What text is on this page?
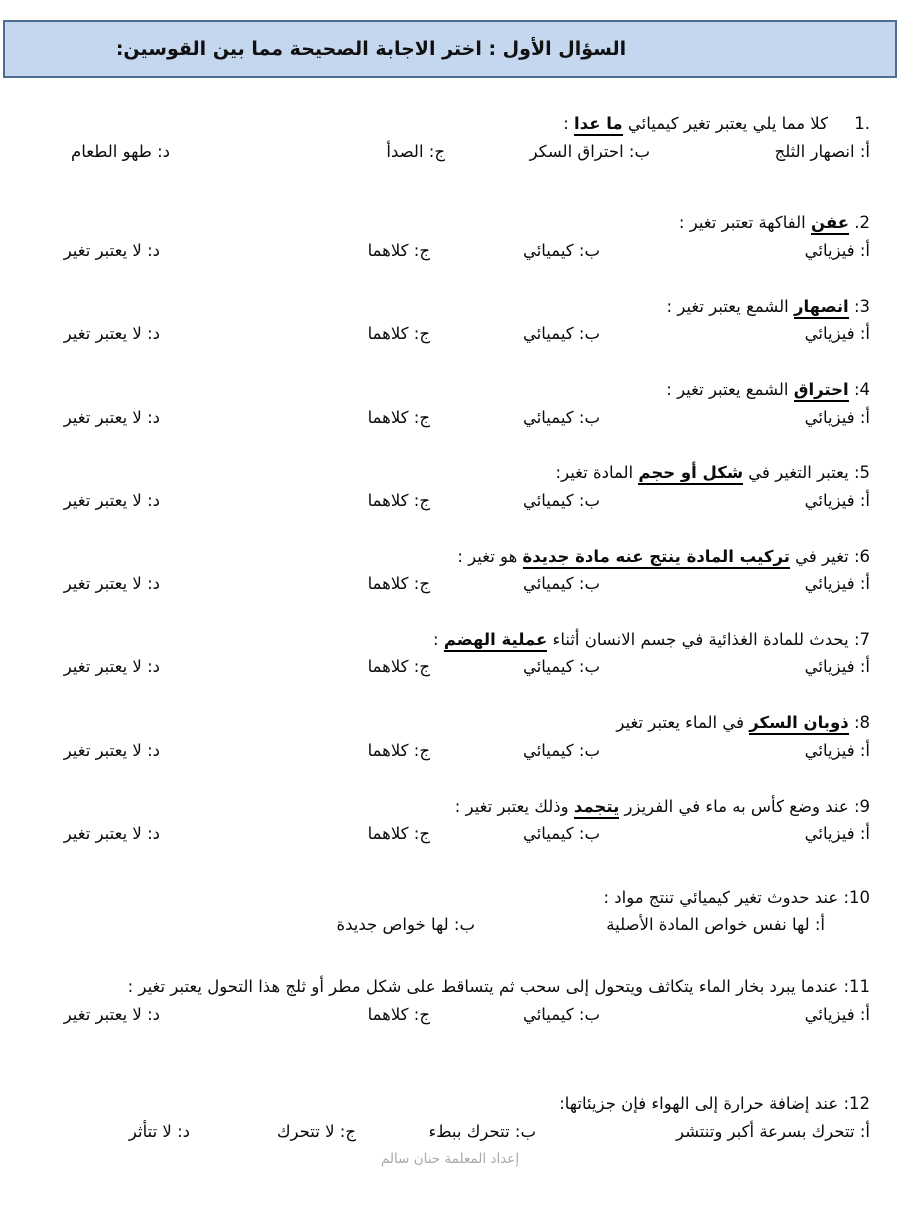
السؤال الأول : اختر الاجابة الصحيحة مما بين القوسين:

1.     كلا مما يلي يعتبر تغير كيميائي ما عدا :

أ: انصهار الثلج
ب: احتراق السكر
ج: الصدأ
د: طهو الطعام

2. عفن الفاكهة تعتبر تغير :

أ: فيزيائي
ب: كيميائي
ج: كلاهما
د: لا يعتبر تغير

3: انصهار الشمع يعتبر تغير :

أ: فيزيائي
ب: كيميائي
ج: كلاهما
د: لا يعتبر تغير

4: احتراق الشمع يعتبر تغير :

أ: فيزيائي
ب: كيميائي
ج: كلاهما
د: لا يعتبر تغير

5: يعتبر التغير في شكل أو حجم المادة تغير:

أ: فيزيائي
ب: كيميائي
ج: كلاهما
د: لا يعتبر تغير

6: تغير في تركيب المادة ينتج عنه مادة جديدة هو تغير :

أ: فيزيائي
ب: كيميائي
ج: كلاهما
د: لا يعتبر تغير

7: يحدث للمادة الغذائية في جسم الانسان أثناء عملية الهضم :

أ: فيزيائي
ب: كيميائي
ج: كلاهما
د: لا يعتبر تغير

8: ذوبان السكر في الماء يعتبر تغير

أ: فيزيائي
ب: كيميائي
ج: كلاهما
د: لا يعتبر تغير

9: عند وضع كأس به ماء في الفريزر يتجمد وذلك يعتبر تغير :

أ: فيزيائي
ب: كيميائي
ج: كلاهما
د: لا يعتبر تغير

10: عند حدوث تغير كيميائي تنتج مواد :

أ: لها نفس خواص المادة الأصلية
ب: لها خواص جديدة

11: عندما يبرد بخار الماء يتكاثف ويتحول إلى سحب ثم يتساقط على شكل مطر أو ثلج هذا التحول يعتبر تغير :

أ: فيزيائي
ب: كيميائي
ج: كلاهما
د: لا يعتبر تغير

12: عند إضافة حرارة إلى الهواء فإن جزيئاتها:

أ: تتحرك بسرعة أكبر وتنتشر
ب: تتحرك ببطء
ج: لا تتحرك
د: لا تتأثر
إعداد المعلمة حنان سالم
